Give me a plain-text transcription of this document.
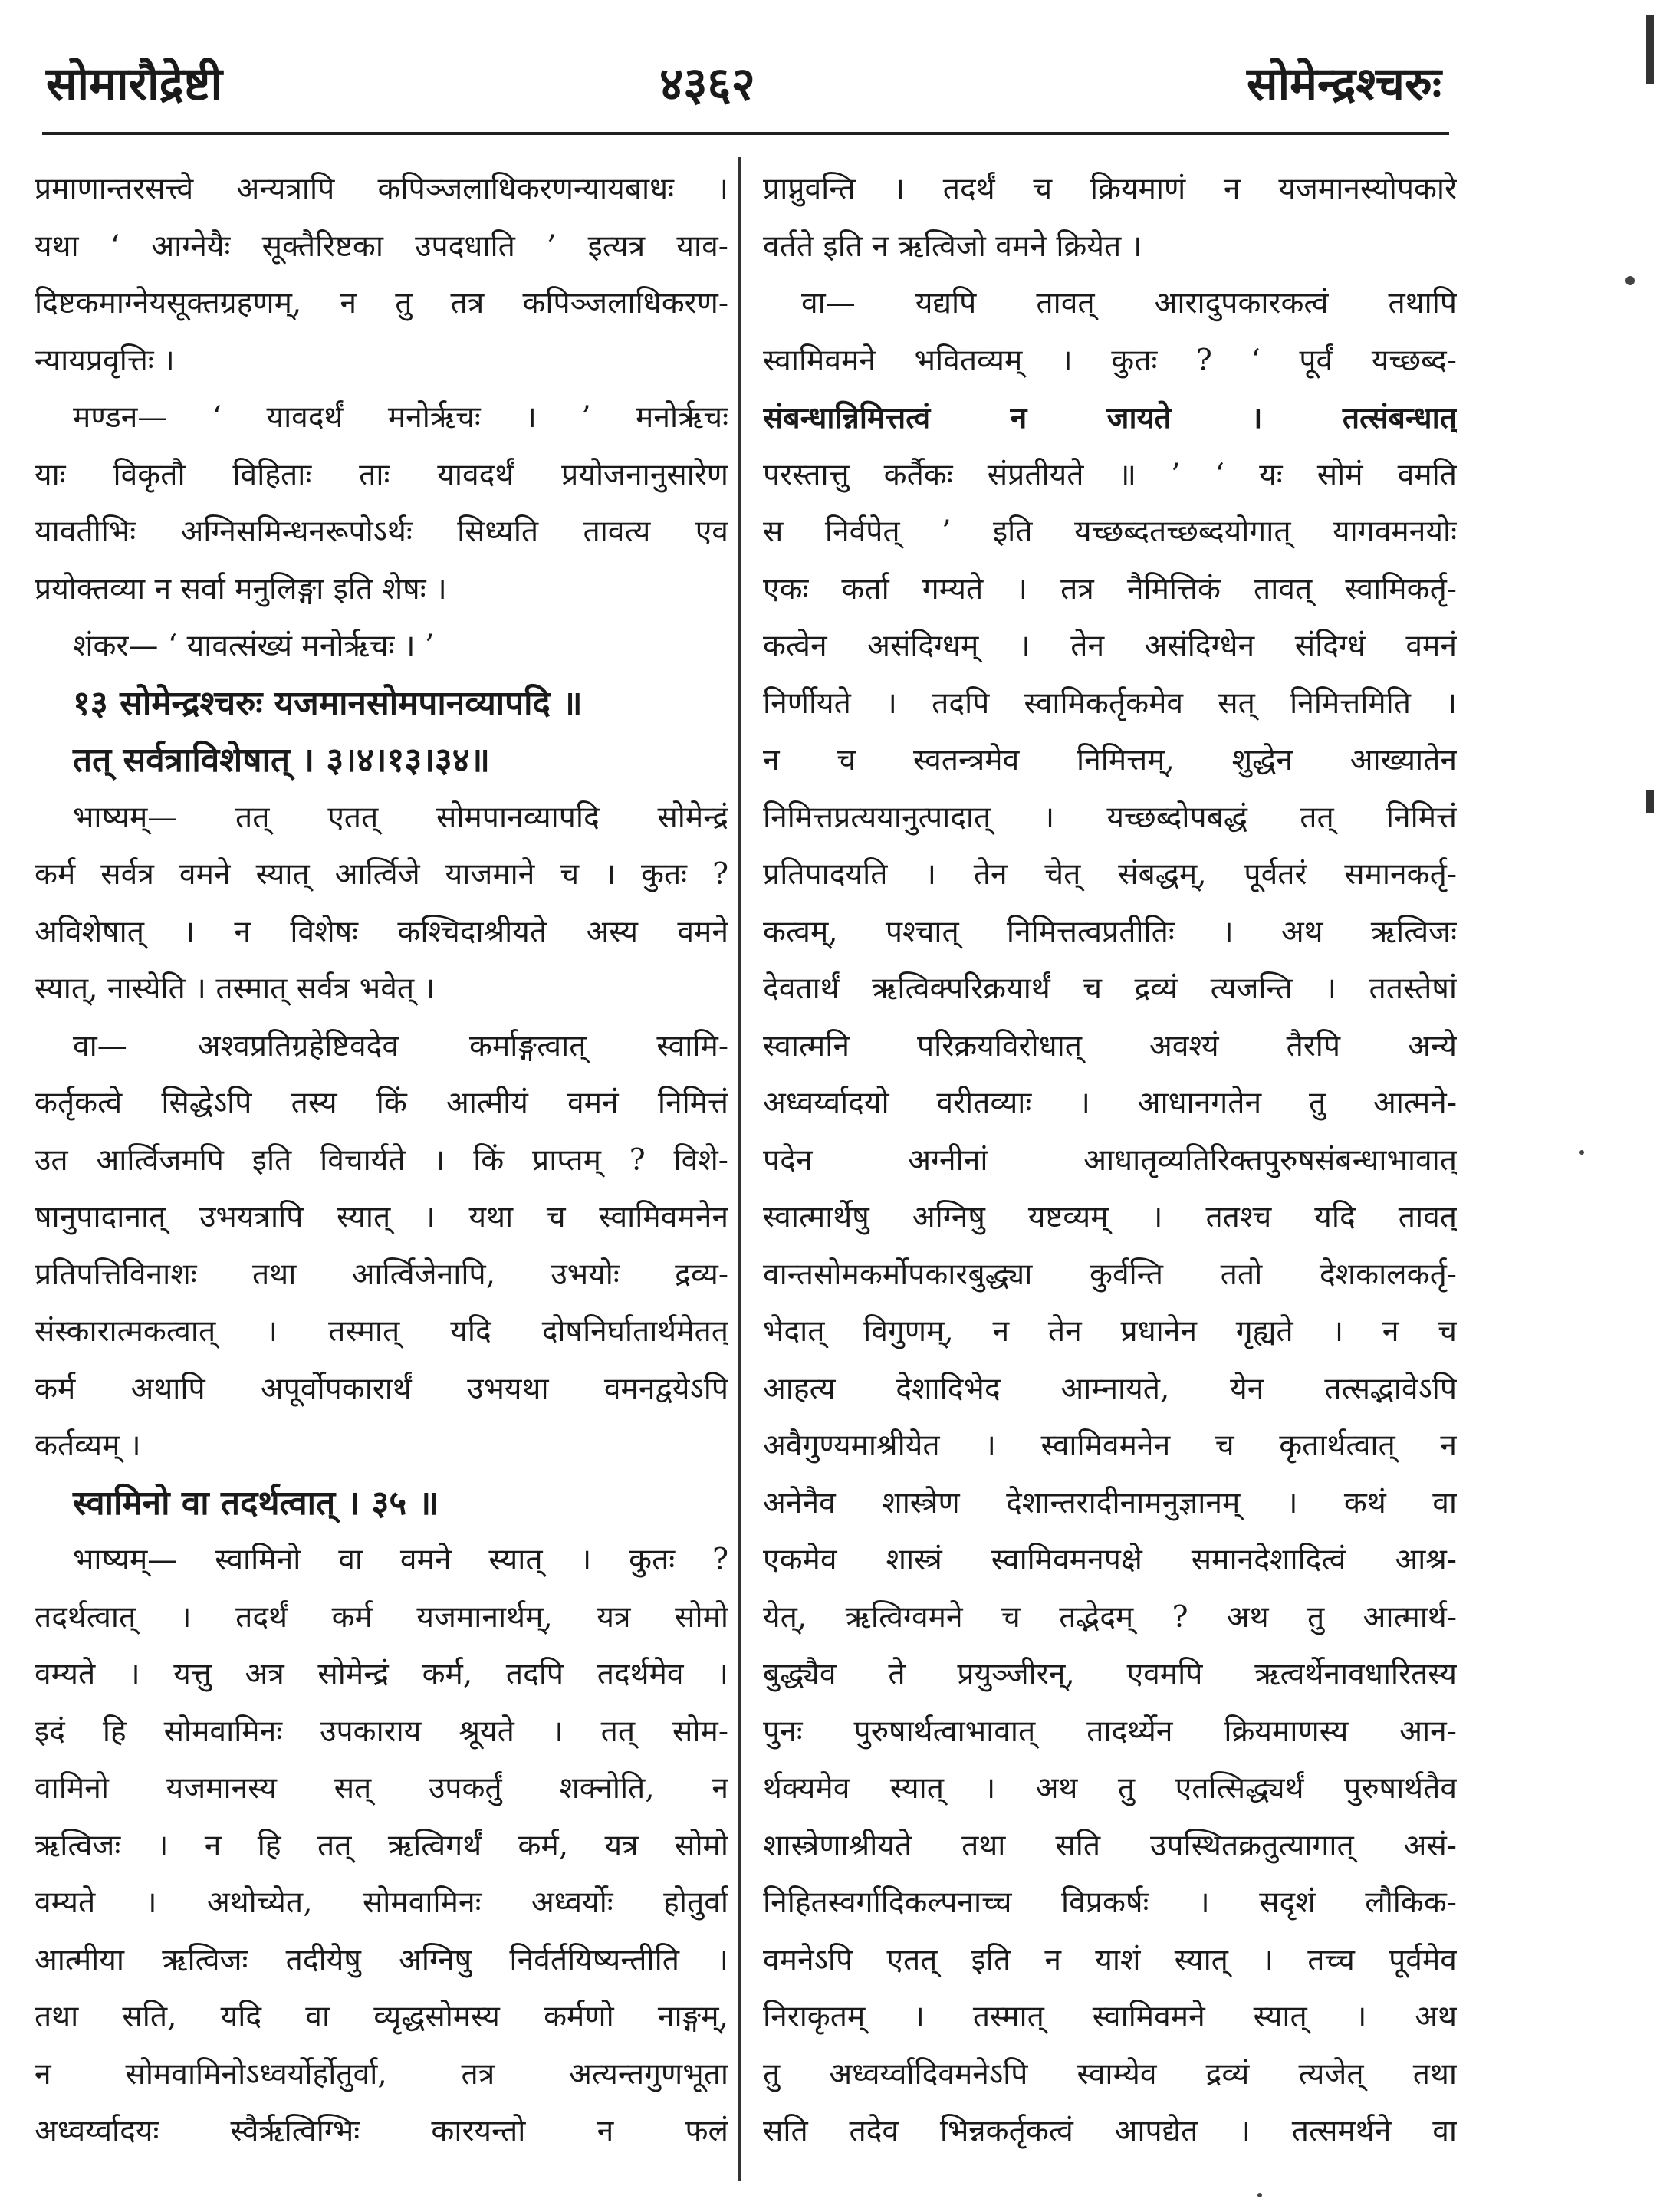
सोमारौद्रेष्टी	४३६२	सोमेन्द्रश्चरुः
प्रमाणान्तरसत्त्वे अन्यत्रापि कपिञ्जलाधिकरणन्यायबाधः ।
यथा ‘ आग्नेयैः सूक्तैरिष्टका उपदधाति ’ इत्यत्र याव-
दिष्टकमाग्नेयसूक्तग्रहणम्, न तु तत्र कपिञ्जलाधिकरण-
न्यायप्रवृत्तिः ।
मण्डन— ‘ यावदर्थं मनोर्ऋचः । ’ मनोर्ऋचः
याः विकृतौ विहिताः ताः यावदर्थं प्रयोजनानुसारेण
यावतीभिः अग्निसमिन्धनरूपोऽर्थः सिध्यति तावत्य एव
प्रयोक्तव्या न सर्वा मनुलिङ्गा इति शेषः ।
शंकर— ‘ यावत्संख्यं मनोर्ऋचः । ’
१३ सोमेन्द्रश्चरुः यजमानसोमपानव्यापदि ॥
तत् सर्वत्राविशेषात् । ३।४।१३।३४॥
भाष्यम्— तत् एतत् सोमपानव्यापदि सोमेन्द्रं
कर्म सर्वत्र वमने स्यात् आर्त्विजे याजमाने च । कुतः ?
अविशेषात् । न विशेषः कश्चिदाश्रीयते अस्य वमने
स्यात्, नास्येति । तस्मात् सर्वत्र भवेत् ।
वा— अश्वप्रतिग्रहेष्टिवदेव कर्माङ्गत्वात् स्वामि-
कर्तृकत्वे सिद्धेऽपि तस्य किं आत्मीयं वमनं निमित्तं
उत आर्त्विजमपि इति विचार्यते । किं प्राप्तम् ? विशे-
षानुपादानात् उभयत्रापि स्यात् । यथा च स्वामिवमनेन
प्रतिपत्तिविनाशः तथा आर्त्विजेनापि, उभयोः द्रव्य-
संस्कारात्मकत्वात् । तस्मात् यदि दोषनिर्घातार्थमेतत्
कर्म अथापि अपूर्वोपकारार्थं उभयथा वमनद्वयेऽपि
कर्तव्यम् ।
स्वामिनो वा तदर्थत्वात् । ३५ ॥
भाष्यम्— स्वामिनो वा वमने स्यात् । कुतः ?
तदर्थत्वात् । तदर्थं कर्म यजमानार्थम्, यत्र सोमो
वम्यते । यत्तु अत्र सोमेन्द्रं कर्म, तदपि तदर्थमेव ।
इदं हि सोमवामिनः उपकाराय श्रूयते । तत् सोम-
वामिनो यजमानस्य सत् उपकर्तुं शक्नोति, न
ऋत्विजः । न हि तत् ऋत्विगर्थं कर्म, यत्र सोमो
वम्यते । अथोच्येत, सोमवामिनः अध्वर्योः होतुर्वा
आत्मीया ऋत्विजः तदीयेषु अग्निषु निर्वर्तयिष्यन्तीति ।
तथा सति, यदि वा व्यृद्धसोमस्य कर्मणो नाङ्गम्,
न सोमवामिनोऽध्वर्योर्होतुर्वा, तत्र अत्यन्तगुणभूता
अध्वर्य्वादयः स्वैर्ऋत्विग्भिः कारयन्तो न फलं
प्राप्नुवन्ति । तदर्थं च क्रियमाणं न यजमानस्योपकारे
वर्तते इति न ऋत्विजो वमने क्रियेत ।
वा— यद्यपि तावत् आरादुपकारकत्वं तथापि
स्वामिवमने भवितव्यम् । कुतः ? ‘ पूर्वं यच्छब्द-
संबन्धान्निमित्तत्वं न जायते । तत्संबन्धात्
परस्तात्तु कर्तैकः संप्रतीयते ॥ ’ ‘ यः सोमं वमति
स निर्वपेत् ’ इति यच्छब्दतच्छब्दयोगात् यागवमनयोः
एकः कर्ता गम्यते । तत्र नैमित्तिकं तावत् स्वामिकर्तृ-
कत्वेन असंदिग्धम् । तेन असंदिग्धेन संदिग्धं वमनं
निर्णीयते । तदपि स्वामिकर्तृकमेव सत् निमित्तमिति ।
न च स्वतन्त्रमेव निमित्तम्, शुद्धेन आख्यातेन
निमित्तप्रत्ययानुत्पादात् । यच्छब्दोपबद्धं तत् निमित्तं
प्रतिपादयति । तेन चेत् संबद्धम्, पूर्वतरं समानकर्तृ-
कत्वम्, पश्चात् निमित्तत्वप्रतीतिः । अथ ऋत्विजः
देवतार्थं ऋत्विक्परिक्रयार्थं च द्रव्यं त्यजन्ति । ततस्तेषां
स्वात्मनि परिक्रयविरोधात् अवश्यं तैरपि अन्ये
अध्वर्य्वादयो वरीतव्याः । आधानगतेन तु आत्मने-
पदेन अग्नीनां आधातृव्यतिरिक्तपुरुषसंबन्धाभावात्
स्वात्मार्थेषु अग्निषु यष्टव्यम् । ततश्च यदि तावत्
वान्तसोमकर्मोपकारबुद्ध्या कुर्वन्ति ततो देशकालकर्तृ-
भेदात् विगुणम्, न तेन प्रधानेन गृह्यते । न च
आहत्य देशादिभेद आम्नायते, येन तत्सद्भावेऽपि
अवैगुण्यमाश्रीयेत । स्वामिवमनेन च कृतार्थत्वात् न
अनेनैव शास्त्रेण देशान्तरादीनामनुज्ञानम् । कथं वा
एकमेव शास्त्रं स्वामिवमनपक्षे समानदेशादित्वं आश्र-
येत्, ऋत्विग्वमने च तद्भेदम् ? अथ तु आत्मार्थ-
बुद्ध्यैव ते प्रयुञ्जीरन्, एवमपि ऋत्वर्थेनावधारितस्य
पुनः पुरुषार्थत्वाभावात् तादर्थ्येन क्रियमाणस्य आन-
र्थक्यमेव स्यात् । अथ तु एतत्सिद्ध्यर्थं पुरुषार्थतैव
शास्त्रेणाश्रीयते तथा सति उपस्थितक्रतुत्यागात् असं-
निहितस्वर्गादिकल्पनाच्च विप्रकर्षः । सदृशं लौकिक-
वमनेऽपि एतत् इति न याशं स्यात् । तच्च पूर्वमेव
निराकृतम् । तस्मात् स्वामिवमने स्यात् । अथ
तु अध्वर्य्वादिवमनेऽपि स्वाम्येव द्रव्यं त्यजेत् तथा
सति तदेव भिन्नकर्तृकत्वं आपद्येत । तत्समर्थने वा
